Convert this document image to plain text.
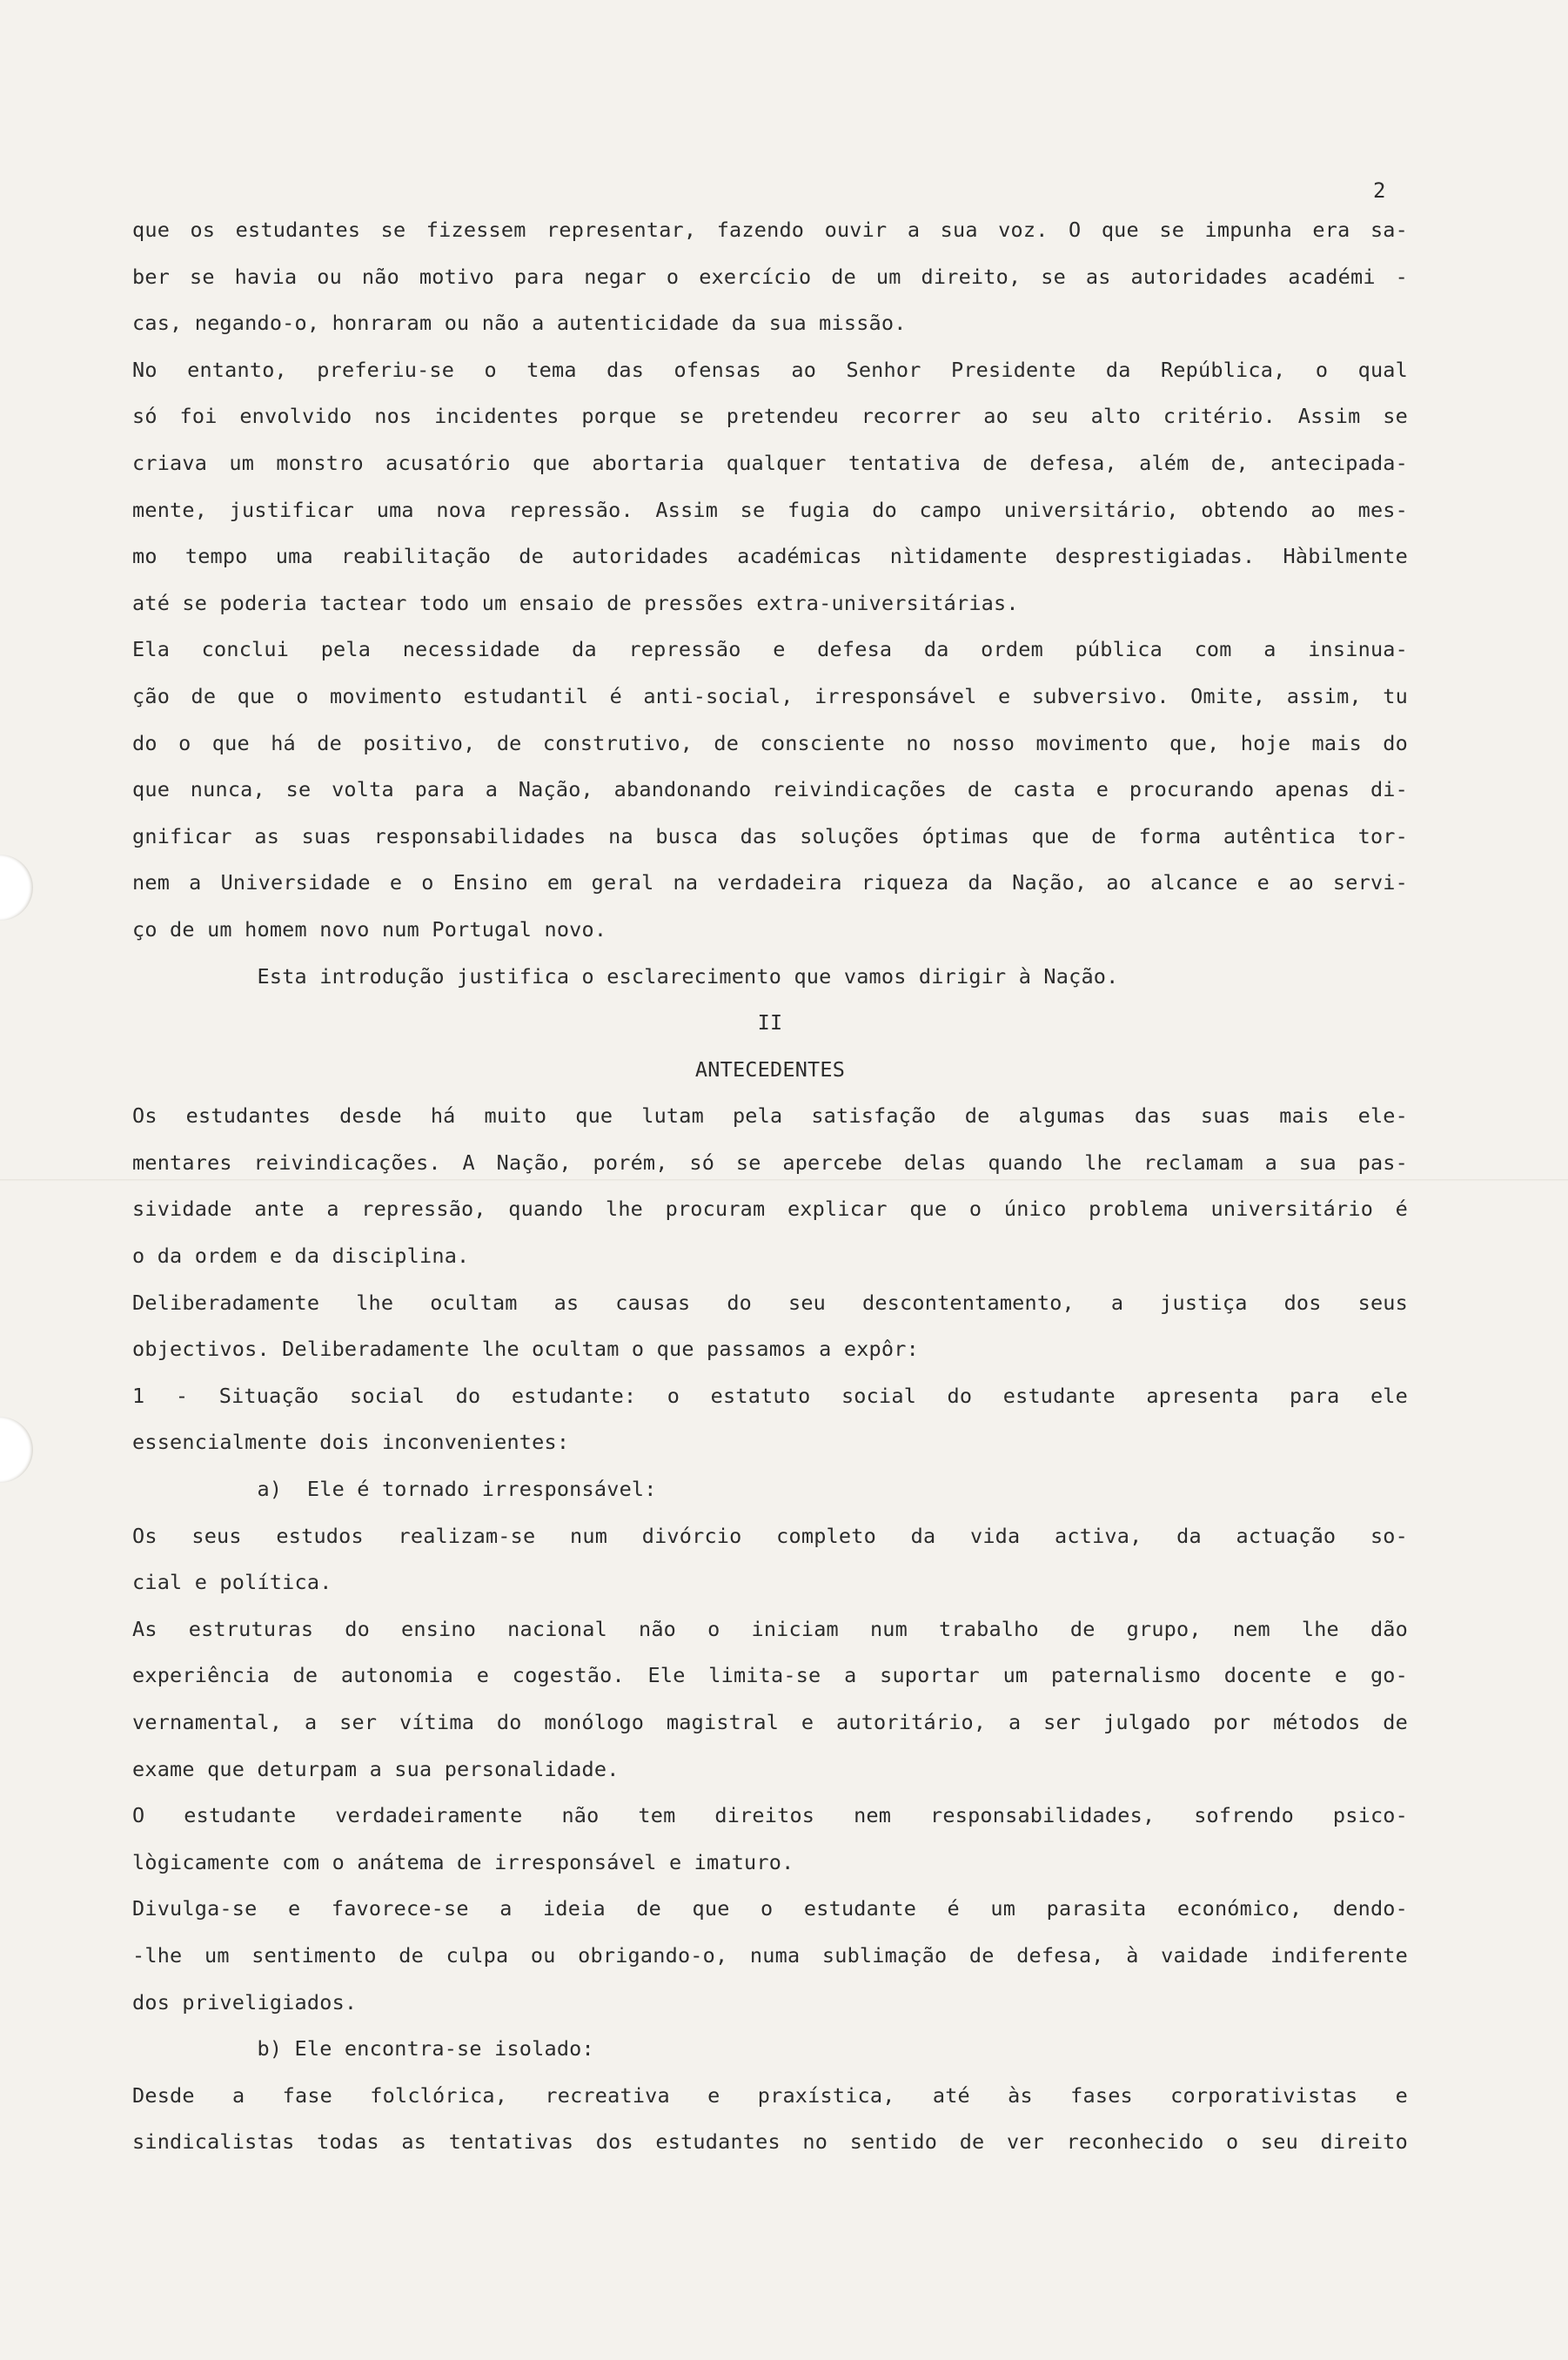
2
que os estudantes se fizessem representar, fazendo ouvir a sua voz. O que se impunha era sa-
ber se havia ou não motivo para negar o exercício de um direito, se as autoridades académi -
cas, negando-o, honraram ou não a autenticidade da sua missão.
No entanto, preferiu-se o tema das ofensas ao Senhor Presidente da República, o qual
só foi envolvido nos incidentes porque se pretendeu recorrer ao seu alto critério. Assim se
criava um monstro acusatório que abortaria qualquer tentativa de defesa, além de, antecipada-
mente, justificar uma nova repressão. Assim se fugia do campo universitário, obtendo ao mes-
mo tempo uma reabilitação de autoridades académicas nìtidamente desprestigiadas. Hàbilmente
até se poderia tactear todo um ensaio de pressões extra-universitárias.
Ela conclui pela necessidade da repressão e defesa da ordem pública com a insinua-
ção de que o movimento estudantil é anti-social, irresponsável e subversivo. Omite, assim, tu
do o que há de positivo, de construtivo, de consciente no nosso movimento que, hoje mais do
que nunca, se volta para a Nação, abandonando reivindicações de casta e procurando apenas di-
gnificar as suas responsabilidades na busca das soluções óptimas que de forma autêntica tor-
nem a Universidade e o Ensino em geral na verdadeira riqueza da Nação, ao alcance e ao servi-
ço de um homem novo num Portugal novo.
Esta introdução justifica o esclarecimento que vamos dirigir à Nação.
II
ANTECEDENTES
Os estudantes desde há muito que lutam pela satisfação de algumas das suas mais ele-
mentares reivindicações. A Nação, porém, só se apercebe delas quando lhe reclamam a sua pas-
sividade ante a repressão, quando lhe procuram explicar que o único problema universitário é
o da ordem e da disciplina.
Deliberadamente lhe ocultam as causas do seu descontentamento, a justiça dos seus
objectivos. Deliberadamente lhe ocultam o que passamos a expôr:
1 - Situação social do estudante: o estatuto social do estudante apresenta para ele
essencialmente dois inconvenientes:
a)  Ele é tornado irresponsável:
Os seus estudos realizam-se num divórcio completo da vida activa, da actuação so-
cial e política.
As estruturas do ensino nacional não o iniciam num trabalho de grupo, nem lhe dão
experiência de autonomia e cogestão. Ele limita-se a suportar um paternalismo docente e go-
vernamental, a ser vítima do monólogo magistral e autoritário, a ser julgado por métodos de
exame que deturpam a sua personalidade.
O estudante verdadeiramente não tem direitos nem responsabilidades, sofrendo psico-
lògicamente com o anátema de irresponsável e imaturo.
Divulga-se e favorece-se a ideia de que o estudante é um parasita económico, dendo-
-lhe um sentimento de culpa ou obrigando-o, numa sublimação de defesa, à vaidade indiferente
dos priveligiados.
b) Ele encontra-se isolado:
Desde a fase folclórica, recreativa e praxística, até às fases corporativistas e
sindicalistas todas as tentativas dos estudantes no sentido de ver reconhecido o seu direito
